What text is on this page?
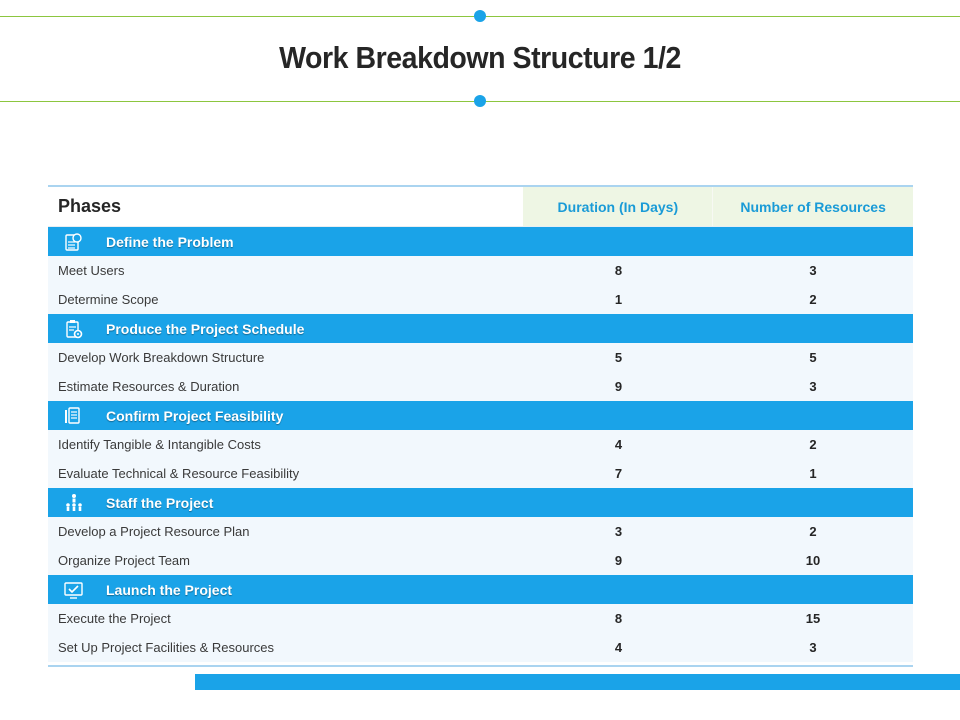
Work Breakdown Structure 1/2
Phases	Duration (In Days)	Number of Resources
Define the Problem
Meet Users	8	3
Determine Scope	1	2
Produce the Project Schedule
Develop Work Breakdown Structure	5	5
Estimate Resources & Duration	9	3
Confirm Project Feasibility
Identify Tangible & Intangible Costs	4	2
Evaluate Technical & Resource Feasibility	7	1
Staff the Project
Develop a Project Resource Plan	3	2
Organize Project Team	9	10
Launch the Project
Execute the Project	8	15
Set Up Project Facilities & Resources	4	3
